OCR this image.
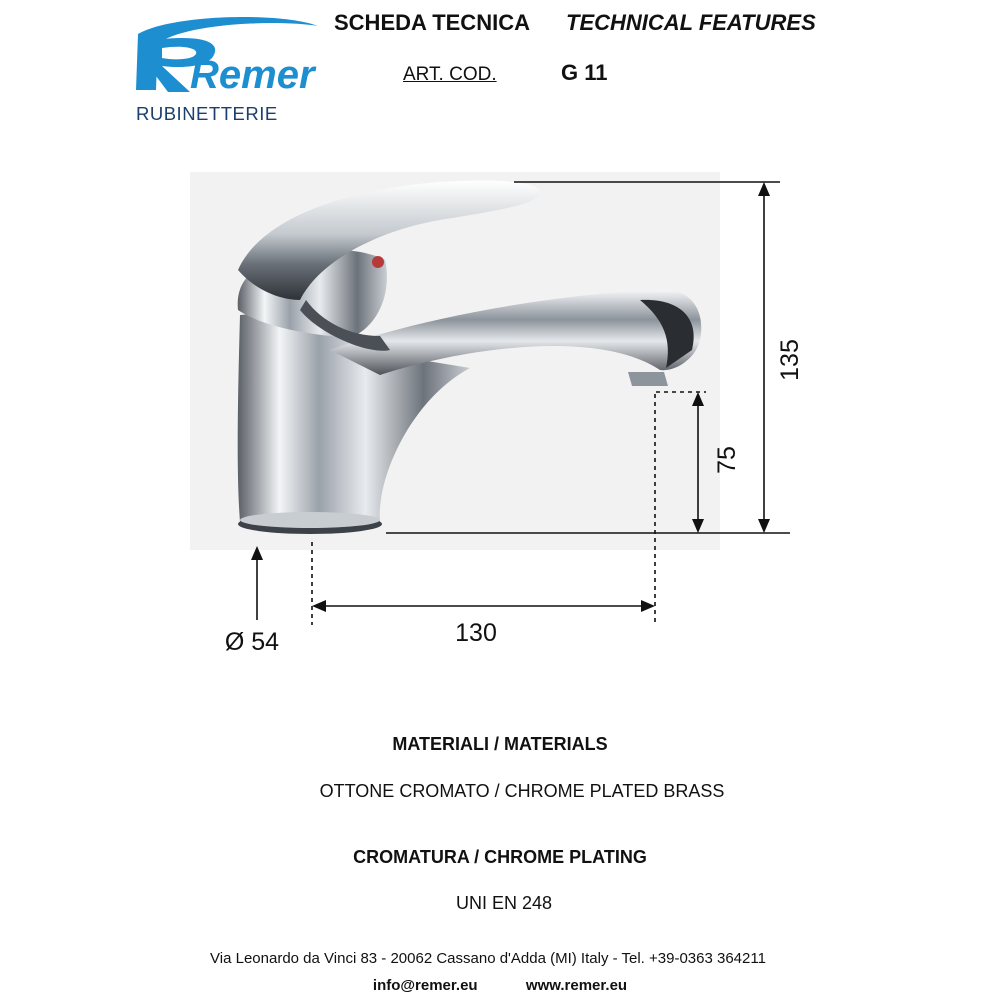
Remer
RUBINETTERIE
SCHEDA TECNICA TECHNICAL FEATURES
ART. COD.	G 11
135
75
130
Ø 54
MATERIALI / MATERIALS
OTTONE CROMATO / CHROME PLATED BRASS
CROMATURA / CHROME PLATING
UNI EN 248
Via Leonardo da Vinci 83 - 20062 Cassano d'Adda (MI) Italy - Tel. +39-0363 364211
info@remer.eu	www.remer.eu
